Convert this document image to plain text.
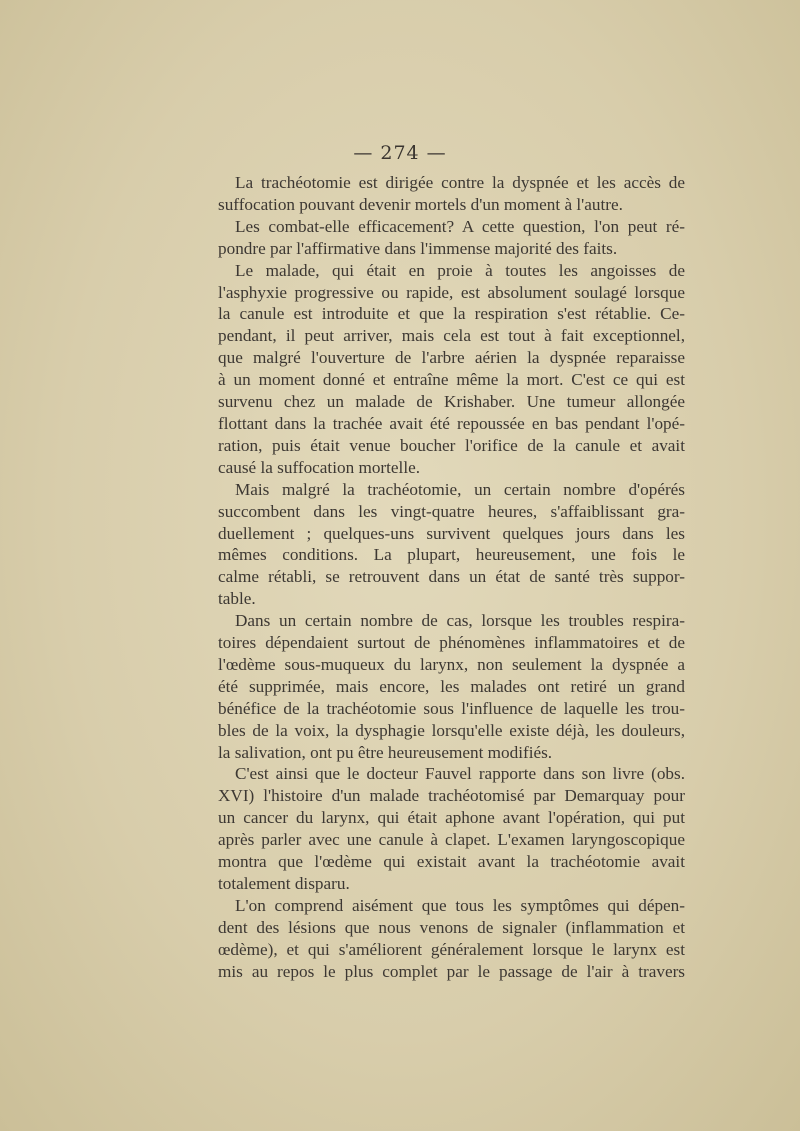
— 274 —
La trachéotomie est dirigée contre la dyspnée et les accès de
suffocation pouvant devenir mortels d'un moment à l'autre.
Les combat-elle efficacement? A cette question, l'on peut ré-
pondre par l'affirmative dans l'immense majorité des faits.
Le malade, qui était en proie à toutes les angoisses de
l'asphyxie progressive ou rapide, est absolument soulagé lorsque
la canule est introduite et que la respiration s'est rétablie. Ce-
pendant, il peut arriver, mais cela est tout à fait exceptionnel,
que malgré l'ouverture de l'arbre aérien la dyspnée reparaisse
à un moment donné et entraîne même la mort. C'est ce qui est
survenu chez un malade de Krishaber. Une tumeur allongée
flottant dans la trachée avait été repoussée en bas pendant l'opé-
ration, puis était venue boucher l'orifice de la canule et avait
causé la suffocation mortelle.
Mais malgré la trachéotomie, un certain nombre d'opérés
succombent dans les vingt-quatre heures, s'affaiblissant gra-
duellement ; quelques-uns survivent quelques jours dans les
mêmes conditions. La plupart, heureusement, une fois le
calme rétabli, se retrouvent dans un état de santé très suppor-
table.
Dans un certain nombre de cas, lorsque les troubles respira-
toires dépendaient surtout de phénomènes inflammatoires et de
l'œdème sous-muqueux du larynx, non seulement la dyspnée a
été supprimée, mais encore, les malades ont retiré un grand
bénéfice de la trachéotomie sous l'influence de laquelle les trou-
bles de la voix, la dysphagie lorsqu'elle existe déjà, les douleurs,
la salivation, ont pu être heureusement modifiés.
C'est ainsi que le docteur Fauvel rapporte dans son livre (obs.
XVI) l'histoire d'un malade trachéotomisé par Demarquay pour
un cancer du larynx, qui était aphone avant l'opération, qui put
après parler avec une canule à clapet. L'examen laryngoscopique
montra que l'œdème qui existait avant la trachéotomie avait
totalement disparu.
L'on comprend aisément que tous les symptômes qui dépen-
dent des lésions que nous venons de signaler (inflammation et
œdème), et qui s'améliorent généralement lorsque le larynx est
mis au repos le plus complet par le passage de l'air à travers
